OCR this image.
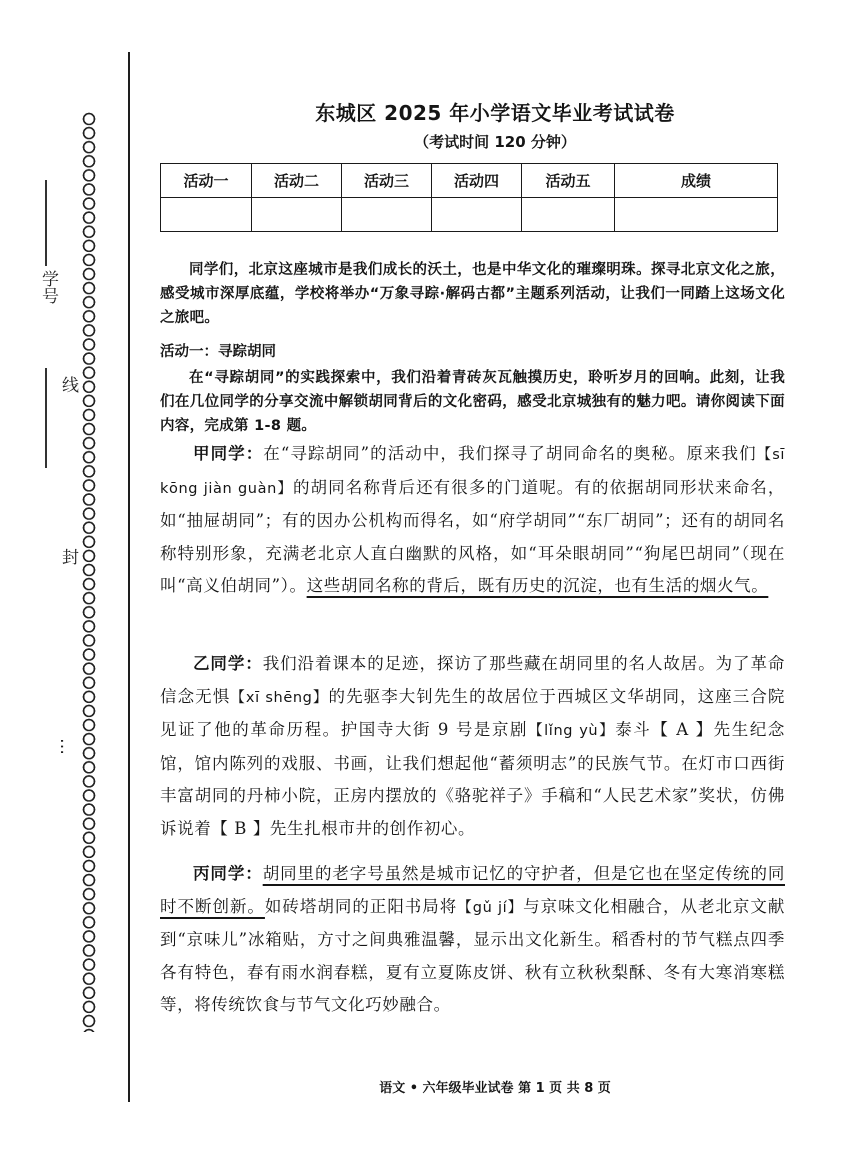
学号
线
封
…
东城区 2025 年小学语文毕业考试试卷
（考试时间 120 分钟）
活动一	活动二	活动三	活动四	活动五	成绩

同学们，北京这座城市是我们成长的沃土，也是中华文化的璀璨明珠。探寻北京文化之旅，感受城市深厚底蕴，学校将举办“万象寻踪·解码古都”主题系列活动，让我们一同踏上这场文化之旅吧。
活动一：寻踪胡同
在“寻踪胡同”的实践探索中，我们沿着青砖灰瓦触摸历史，聆听岁月的回响。此刻，让我们在几位同学的分享交流中解锁胡同背后的文化密码，感受北京城独有的魅力吧。请你阅读下面内容，完成第 1-8 题。
甲同学：在“寻踪胡同”的活动中，我们探寻了胡同命名的奥秘。原来我们【sī kōng jiàn guàn】的胡同名称背后还有很多的门道呢。有的依据胡同形状来命名，如“抽屉胡同”；有的因办公机构而得名，如“府学胡同”“东厂胡同”；还有的胡同名称特别形象，充满老北京人直白幽默的风格，如“耳朵眼胡同”“狗尾巴胡同”（现在叫“高义伯胡同”）。这些胡同名称的背后，既有历史的沉淀，也有生活的烟火气。
乙同学：我们沿着课本的足迹，探访了那些藏在胡同里的名人故居。为了革命信念无惧【xī shēng】的先驱李大钊先生的故居位于西城区文华胡同，这座三合院见证了他的革命历程。护国寺大街 9 号是京剧【lǐng yù】泰斗【 A 】先生纪念馆，馆内陈列的戏服、书画，让我们想起他“蓄须明志”的民族气节。在灯市口西街丰富胡同的丹柿小院，正房内摆放的《骆驼祥子》手稿和“人民艺术家”奖状，仿佛诉说着【 B 】先生扎根市井的创作初心。
丙同学：胡同里的老字号虽然是城市记忆的守护者，但是它也在坚定传统的同时不断创新。如砖塔胡同的正阳书局将【gǔ jí】与京味文化相融合，从老北京文献到“京味儿”冰箱贴，方寸之间典雅温馨，显示出文化新生。稻香村的节气糕点四季各有特色，春有雨水润春糕，夏有立夏陈皮饼、秋有立秋秋梨酥、冬有大寒消寒糕等，将传统饮食与节气文化巧妙融合。
语文 • 六年级毕业试卷 第 1 页 共 8 页
